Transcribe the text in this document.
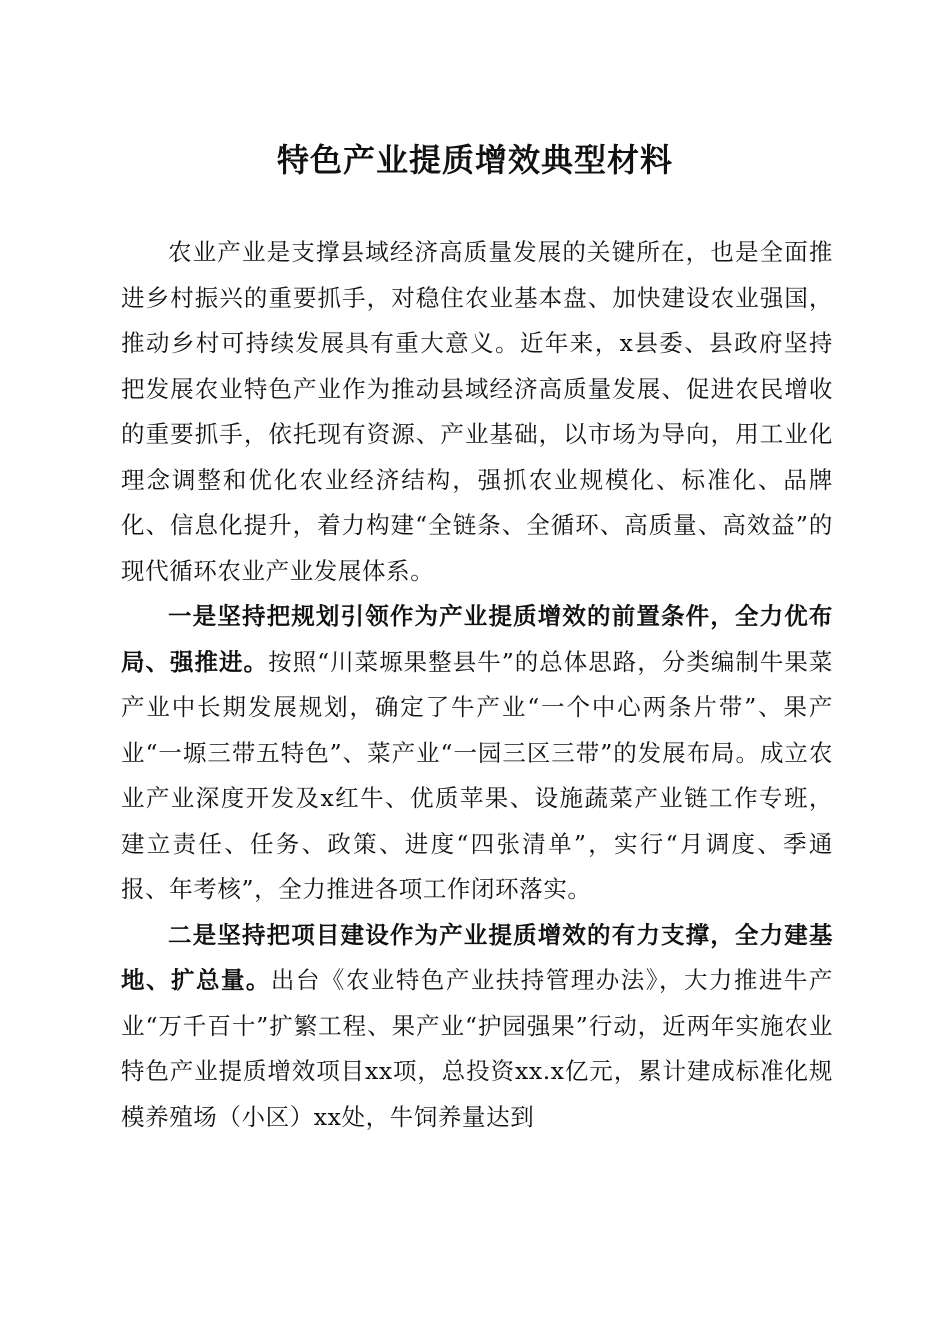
特色产业提质增效典型材料

农业产业是支撑县域经济高质量发展的关键所在，也是全面推进乡村振兴的重要抓手，对稳住农业基本盘、加快建设农业强国，推动乡村可持续发展具有重大意义。近年来，x县委、县政府坚持把发展农业特色产业作为推动县域经济高质量发展、促进农民增收的重要抓手，依托现有资源、产业基础，以市场为导向，用工业化理念调整和优化农业经济结构，强抓农业规模化、标准化、品牌化、信息化提升，着力构建“全链条、全循环、高质量、高效益”的现代循环农业产业发展体系。

一是坚持把规划引领作为产业提质增效的前置条件，全力优布局、强推进。按照“川菜塬果整县牛”的总体思路，分类编制牛果菜产业中长期发展规划，确定了牛产业“一个中心两条片带”、果产业“一塬三带五特色”、菜产业“一园三区三带”的发展布局。成立农业产业深度开发及x红牛、优质苹果、设施蔬菜产业链工作专班，建立责任、任务、政策、进度“四张清单”，实行“月调度、季通报、年考核”，全力推进各项工作闭环落实。

二是坚持把项目建设作为产业提质增效的有力支撑，全力建基地、扩总量。出台《农业特色产业扶持管理办法》，大力推进牛产业“万千百十”扩繁工程、果产业“护园强果”行动，近两年实施农业特色产业提质增效项目xx项，总投资xx.x亿元，累计建成标准化规模养殖场（小区）xx处，牛饲养量达到
